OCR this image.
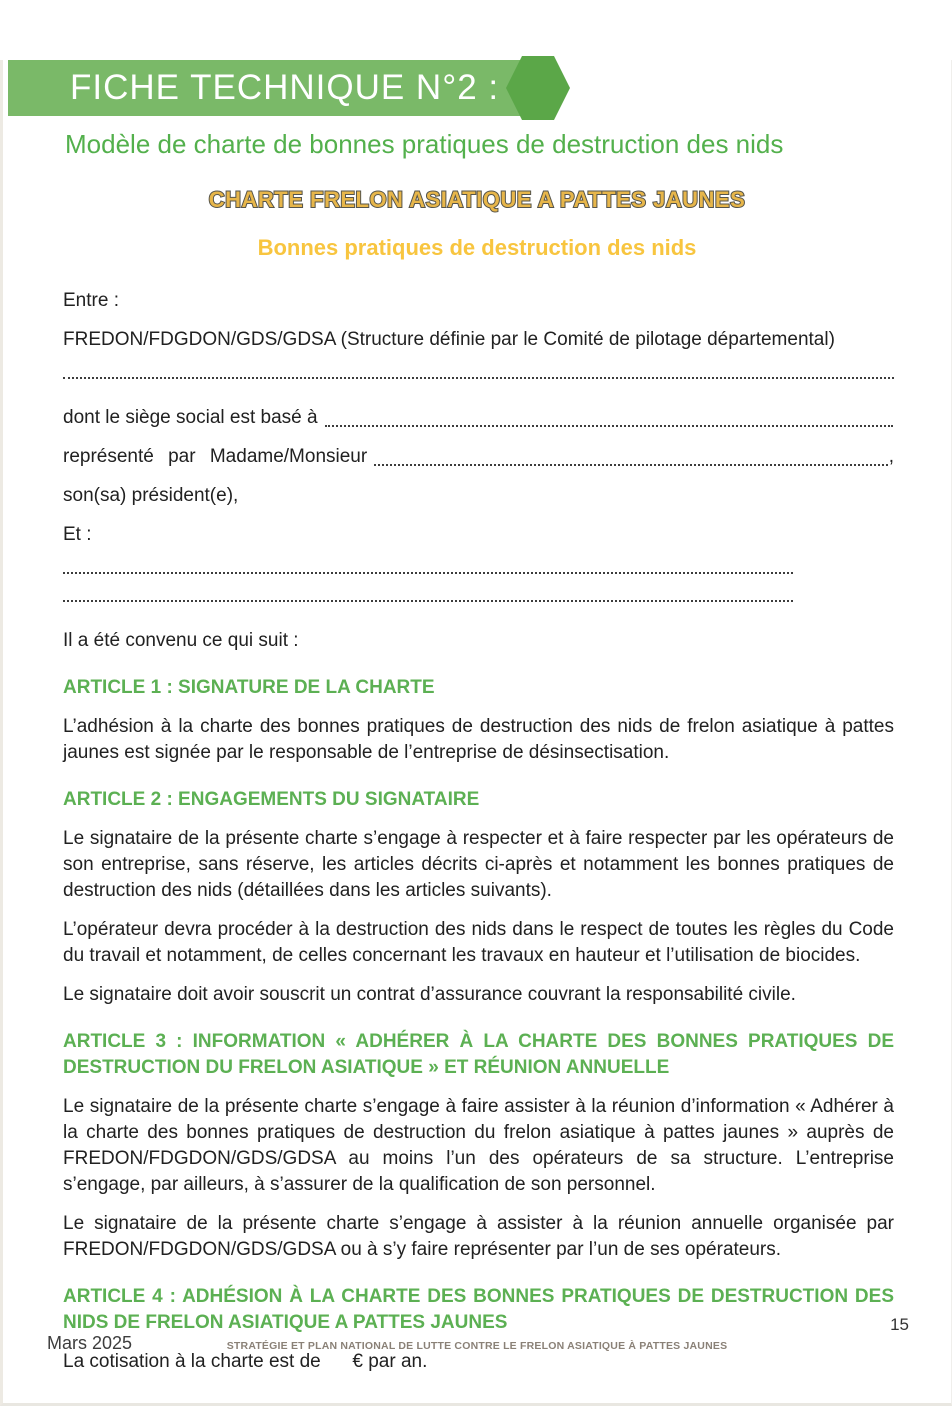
FICHE TECHNIQUE N°2 :
Modèle de charte de bonnes pratiques de destruction des nids
CHARTE FRELON ASIATIQUE A PATTES JAUNES
Bonnes pratiques de destruction des nids

Entre :

FREDON/FDGDON/GDS/GDSA (Structure définie par le Comité de pilotage départemental)

dont le siège social est basé à
représenté par Madame/Monsieur	,

son(sa) président(e),

Et :

Il a été convenu ce qui suit :

ARTICLE 1 : SIGNATURE DE LA CHARTE

L’adhésion à la charte des bonnes pratiques de destruction des nids de frelon asiatique à pattes jaunes est signée par le responsable de l’entreprise de désinsectisation.

ARTICLE 2 : ENGAGEMENTS DU SIGNATAIRE

Le signataire de la présente charte s’engage à respecter et à faire respecter par les opérateurs de son entreprise, sans réserve, les articles décrits ci-après et notamment les bonnes pratiques de destruction des nids (détaillées dans les articles suivants).

L’opérateur devra procéder à la destruction des nids dans le respect de toutes les règles du Code du travail et notamment, de celles concernant les travaux en hauteur et l’utilisation de biocides.

Le signataire doit avoir souscrit un contrat d’assurance couvrant la responsabilité civile.

ARTICLE 3 : INFORMATION « ADHÉRER À LA CHARTE DES BONNES PRATIQUES DE DESTRUCTION DU FRELON ASIATIQUE » ET RÉUNION ANNUELLE

Le signataire de la présente charte s’engage à faire assister à la réunion d’information « Adhérer à la charte des bonnes pratiques de destruction du frelon asiatique à pattes jaunes » auprès de FREDON/FDGDON/GDS/GDSA au moins l’un des opérateurs de sa structure. L’entreprise s’engage, par ailleurs, à s’assurer de la qualification de son personnel.

Le signataire de la présente charte s’engage à assister à la réunion annuelle organisée par FREDON/FDGDON/GDS/GDSA ou à s’y faire représenter par l’un de ses opérateurs.

ARTICLE 4 : ADHÉSION À LA CHARTE DES BONNES PRATIQUES DE DESTRUCTION DES NIDS DE FRELON ASIATIQUE A PATTES JAUNES

La cotisation à la charte est de      € par an.

Mars 2025	STRATÉGIE ET PLAN NATIONAL DE LUTTE CONTRE LE FRELON ASIATIQUE À PATTES JAUNES
15
